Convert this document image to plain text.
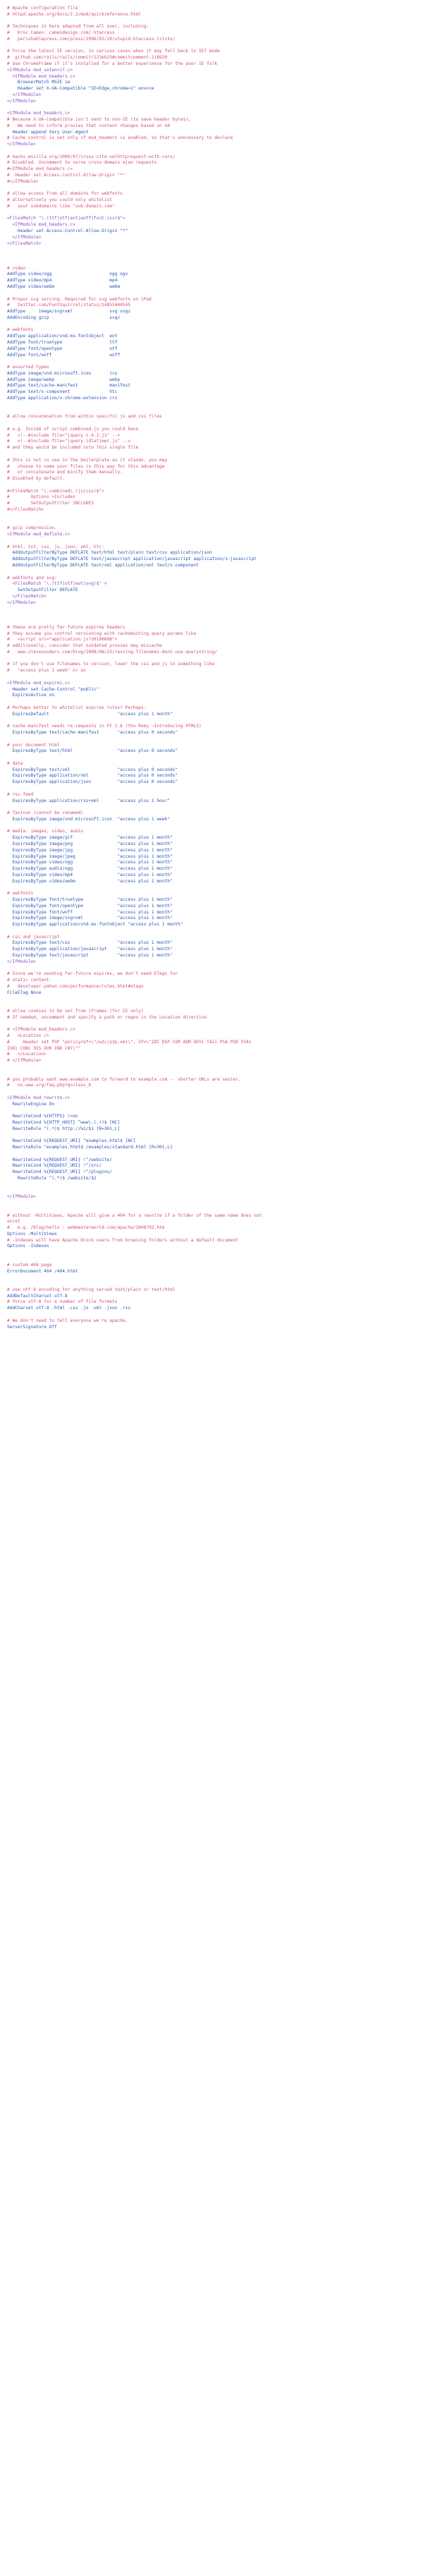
# Apache configuration file
# httpd.apache.org/docs/2.2/mod/quickreference.html
# Techniques in here adapted from all over, including:
#   Kroc Camen: camendesign.com/.htaccess
#   perishablepress.com/press/2006/01/10/stupid-htaccess-tricks/
# Force the latest IE version, in various cases when it may fall back to IE7 mode
#  github.com/rails/rails/commit/123eb25#commitcomment-118920
# Use ChromeFrame if it's installed for a better experience for the poor IE folk
<IfModule mod_setenvif.c>
<IfModule mod_headers.c>
BrowserMatch MSIE ie
Header set X-UA-Compatible "IE=Edge,chrome=1" env=ie
</IfModule>
</IfModule>
<IfModule mod_headers.c>
# Because X-UA-Compatible isn't sent to non-IE (to save header bytes),
#   We need to inform proxies that content changes based on UA
Header append Vary User-Agent
# Cache control is set only if mod_headers is enabled, so that's unncessary to declare
</IfModule>
# hacks.mozilla.org/2009/07/cross-site-xmlhttprequest-with-cors/
# Disabled. Uncomment to serve cross-domain ajax requests
#<IfModule mod_headers.c>
#  Header set Access-Control-Allow-Origin "*"
#</IfModule>
# allow access from all domains for webfonts
# alternatively you could only whitelist
#   your subdomains like "sub.domain.com"
<FilesMatch "\.(ttf|otf|eot|woff|font.css)$">
<IfModule mod_headers.c>
Header set Access-Control-Allow-Origin "*"
</IfModule>
</FilesMatch>
# video
AddType video/ogg                      ogg ogv
AddType video/mp4                      mp4
AddType video/webm                     webm
# Proper svg serving. Required for svg webfonts on iPad
#   twitter.com/FontSquirrel/status/14855840545
AddType     image/svg+xml              svg svgz
AddEncoding gzip                       svgz
# webfonts
AddType application/vnd.ms-fontobject  eot
AddType font/truetype                  ttf
AddType font/opentype                  otf
AddType font/woff                      woff
# assorted types
AddType image/vnd.microsoft.icon       ico
AddType image/webp                     webp
AddType text/cache-manifest            manifest
AddType text/x-component               htc
AddType application/x-chrome-extension crx
# allow concatenation from within specific js and css files
# e.g. Inside of script.combined.js you could have
#   <!--#include file="jquery-1.4.2.js" -->
#   <!--#include file="jquery.idletimer.js" -->
# and they would be included into this single file
# this is not in use in the boilerplate as it stands. you may
#   choose to name your files in this way for this advantage
#   or concatenate and minify them manually.
# Disabled by default.
#<FilesMatch "\.combined\.(js|css)$">
#        Options +Includes
#        SetOutputFilter INCLUDES
#</FilesMatch>
# gzip compression.
<IfModule mod_deflate.c>
# html, txt, css, js, json, xml, htc:
AddOutputFilterByType DEFLATE text/html text/plain text/css application/json
AddOutputFilterByType DEFLATE text/javascript application/javascript application/x-javascript
AddOutputFilterByType DEFLATE text/xml application/xml text/x-component
# webfonts and svg:
<FilesMatch "\.(ttf|otf|eot|svg)$" >
SetOutputFilter DEFLATE
</FilesMatch>
</IfModule>
# these are pretty far-future expires headers
# they assume you control versioning with cachebusting query params like
#   <script src="application.js?20100608">
# additionally, consider that outdated proxies may miscache
#   www.stevesouders.com/blog/2008/08/23/revving-filenames-dont-use-querystring/
# if you don't use filenames to version, lower the css and js to something like
#   "access plus 1 week" or so
<IfModule mod_expires.c>
Header set Cache-Control "public"
ExpiresActive on
# Perhaps better to whitelist expires rules? Perhaps.
ExpiresDefault                          "access plus 1 month"
# cache.manifest needs re-requests in FF 3.6 (thx Remy ~Introducing HTML5)
ExpiresByType text/cache-manifest       "access plus 0 seconds"
# your document html
ExpiresByType text/html                 "access plus 0 seconds"
# data
ExpiresByType text/xml                  "access plus 0 seconds"
ExpiresByType application/xml           "access plus 0 seconds"
ExpiresByType application/json          "access plus 0 seconds"
# rss feed
ExpiresByType application/rss+xml       "access plus 1 hour"
# favicon (cannot be renamed)
ExpiresByType image/vnd.microsoft.icon  "access plus 1 week"
# media: images, video, audio
ExpiresByType image/gif                 "access plus 1 month"
ExpiresByType image/png                 "access plus 1 month"
ExpiresByType image/jpg                 "access plus 1 month"
ExpiresByType image/jpeg                "access plus 1 month"
ExpiresByType video/ogg                 "access plus 1 month"
ExpiresByType audio/ogg                 "access plus 1 month"
ExpiresByType video/mp4                 "access plus 1 month"
ExpiresByType video/webm                "access plus 1 month"
# webfonts
ExpiresByType font/truetype             "access plus 1 month"
ExpiresByType font/opentype             "access plus 1 month"
ExpiresByType font/woff                 "access plus 1 month"
ExpiresByType image/svg+xml             "access plus 1 month"
ExpiresByType application/vnd.ms-fontobject "access plus 1 month"
# css and javascript
ExpiresByType text/css                  "access plus 1 month"
ExpiresByType application/javascript    "access plus 1 month"
ExpiresByType text/javascript           "access plus 1 month"
</IfModule>
# Since we're sending far-future expires, we don't need ETags for
# static content.
#   developer.yahoo.com/performance/rules.html#etags
FileETag None
# allow cookies to be set from iframes (for IE only)
# If needed, uncomment and specify a path or regex in the Location directive
# <IfModule mod_headers.c>
#   <Location />
#     Header set P3P "policyref=\"/w3c/p3p.xml\", CP=\"IDC DSP COR ADM DEVi TAIi PSA PSD IVAi
IVDi CONi HIS OUR IND CNT\""
#   </Location>
# </IfModule>
# you probably want www.example.com to forward to example.com -- shorter URLs are sexier.
#   no-www.org/faq.php?q=class_b
<IfModule mod_rewrite.c>
RewriteEngine On
RewriteCond %{HTTPS} !=on
RewriteCond %{HTTP_HOST} ^www\.(.+)$ [NC]
RewriteRule ^(.*)$ http://%1/$1 [R=301,L]
RewriteCond %{REQUEST_URI} ^examples.html$ [NC]
RewriteRule ^examples.html$ /examples/standard.html [R=301,L]
RewriteCond %{REQUEST_URI} !^/website/
RewriteCond %{REQUEST_URI} !^/src/
RewriteCond %{REQUEST_URI} !^/plugins/
RewriteRule ^(.*)$ /website/$1
</IfModule>
# without -MultiViews, Apache will give a 404 for a rewrite if a folder of the same name does not
exist
#   e.g. /blog/hello : webmasterworld.com/apache/3808792.htm
Options -MultiViews
# -Indexes will have Apache block users from browsing folders without a default document
Options -Indexes
# custom 404 page
ErrorDocument 404 /404.html
# use utf-8 encoding for anything served text/plain or text/html
AddDefaultCharset utf-8
# force utf-8 for a number of file formats
AddCharset utf-8 .html .css .js .xml .json .rss
# We don't need to tell everyone we're apache.
ServerSignature Off
